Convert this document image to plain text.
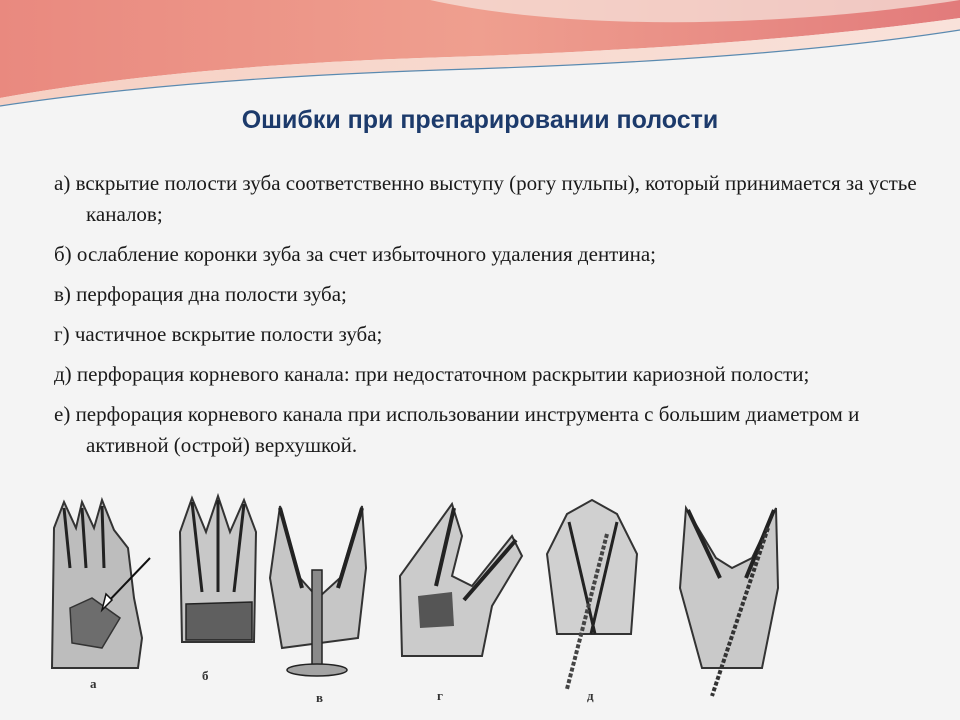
Ошибки при препарировании полости
а) вскрытие полости зуба соответственно выступу (рогу пульпы), который принимается за устье каналов;
б) ослабление коронки зуба за счет избыточного удаления дентина;
в) перфорация дна полости зуба;
г) частичное вскрытие полости зуба;
д) перфорация корневого канала: при недостаточном раскрытии кариозной полости;
е) перфорация корневого канала при использовании инструмента с большим диаметром и активной (острой) верхушкой.
а
б
в	г	д
